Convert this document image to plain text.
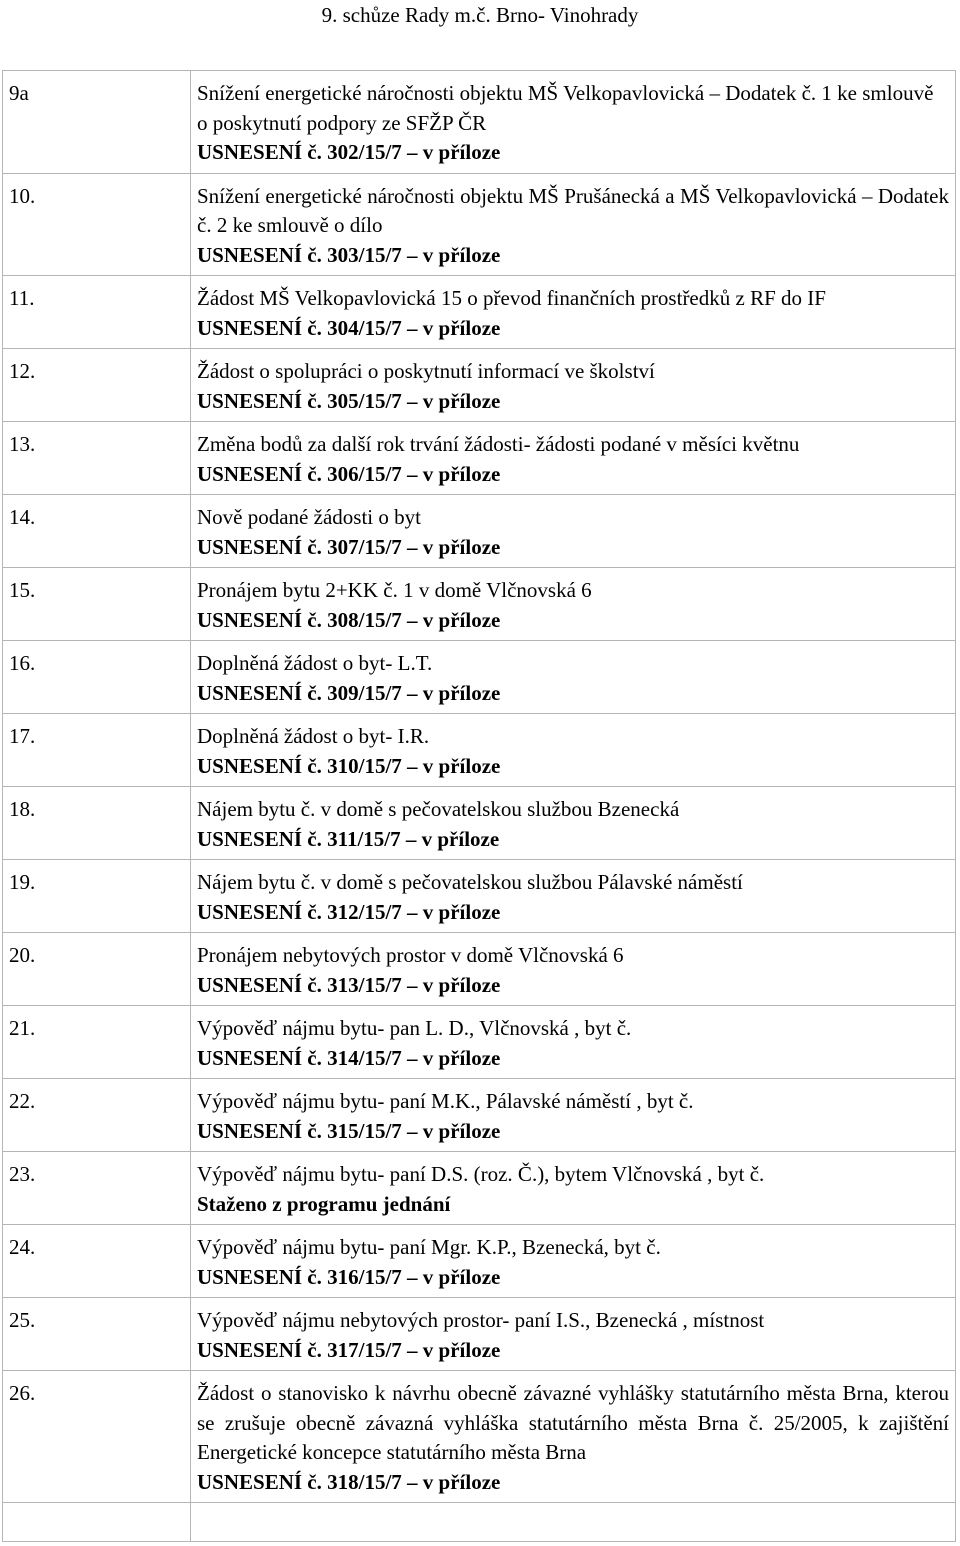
9. schůze Rady m.č. Brno- Vinohrady
9a	Snížení energetické náročnosti objektu MŠ Velkopavlovická – Dodatek č. 1 ke smlouvě o poskytnutí podpory ze SFŽP ČR
USNESENÍ č. 302/15/7 – v příloze

10.	Snížení energetické náročnosti objektu MŠ Prušánecká a MŠ Velkopavlovická – Dodatek č. 2 ke smlouvě o dílo
USNESENÍ č. 303/15/7 – v příloze

11.	Žádost MŠ Velkopavlovická 15 o převod finančních prostředků z RF do IF
USNESENÍ č. 304/15/7 – v příloze

12.	Žádost o spolupráci o poskytnutí informací ve školství
USNESENÍ č. 305/15/7 – v příloze

13.	Změna bodů za další rok trvání žádosti- žádosti podané v měsíci květnu
USNESENÍ č. 306/15/7 – v příloze

14.	Nově podané žádosti o byt
USNESENÍ č. 307/15/7 – v příloze

15.	Pronájem bytu 2+KK č. 1 v domě Vlčnovská 6
USNESENÍ č. 308/15/7 – v příloze

16.	Doplněná žádost o byt- L.T.
USNESENÍ č. 309/15/7 – v příloze

17.	Doplněná žádost o byt- I.R.
USNESENÍ č. 310/15/7 – v příloze

18.	Nájem bytu č. v domě s pečovatelskou službou Bzenecká
USNESENÍ č. 311/15/7 – v příloze

19.	Nájem bytu č. v domě s pečovatelskou službou Pálavské náměstí
USNESENÍ č. 312/15/7 – v příloze

20.	Pronájem nebytových prostor v domě Vlčnovská 6
USNESENÍ č. 313/15/7 – v příloze

21.	Výpověď nájmu bytu- pan L. D., Vlčnovská , byt č.
USNESENÍ č. 314/15/7 – v příloze

22.	Výpověď nájmu bytu- paní M.K., Pálavské náměstí , byt č.
USNESENÍ č. 315/15/7 – v příloze

23.	Výpověď nájmu bytu- paní D.S. (roz. Č.), bytem Vlčnovská , byt č.
Staženo z programu jednání

24.	Výpověď nájmu bytu- paní Mgr. K.P., Bzenecká, byt č.
USNESENÍ č. 316/15/7 – v příloze

25.	Výpověď nájmu nebytových prostor- paní I.S., Bzenecká , místnost
USNESENÍ č. 317/15/7 – v příloze

26.	Žádost o stanovisko k návrhu obecně závazné vyhlášky statutárního města Brna, kterou se zrušuje obecně závazná vyhláška statutárního města Brna č. 25/2005, k zajištění Energetické koncepce statutárního města Brna
USNESENÍ č. 318/15/7 – v příloze
